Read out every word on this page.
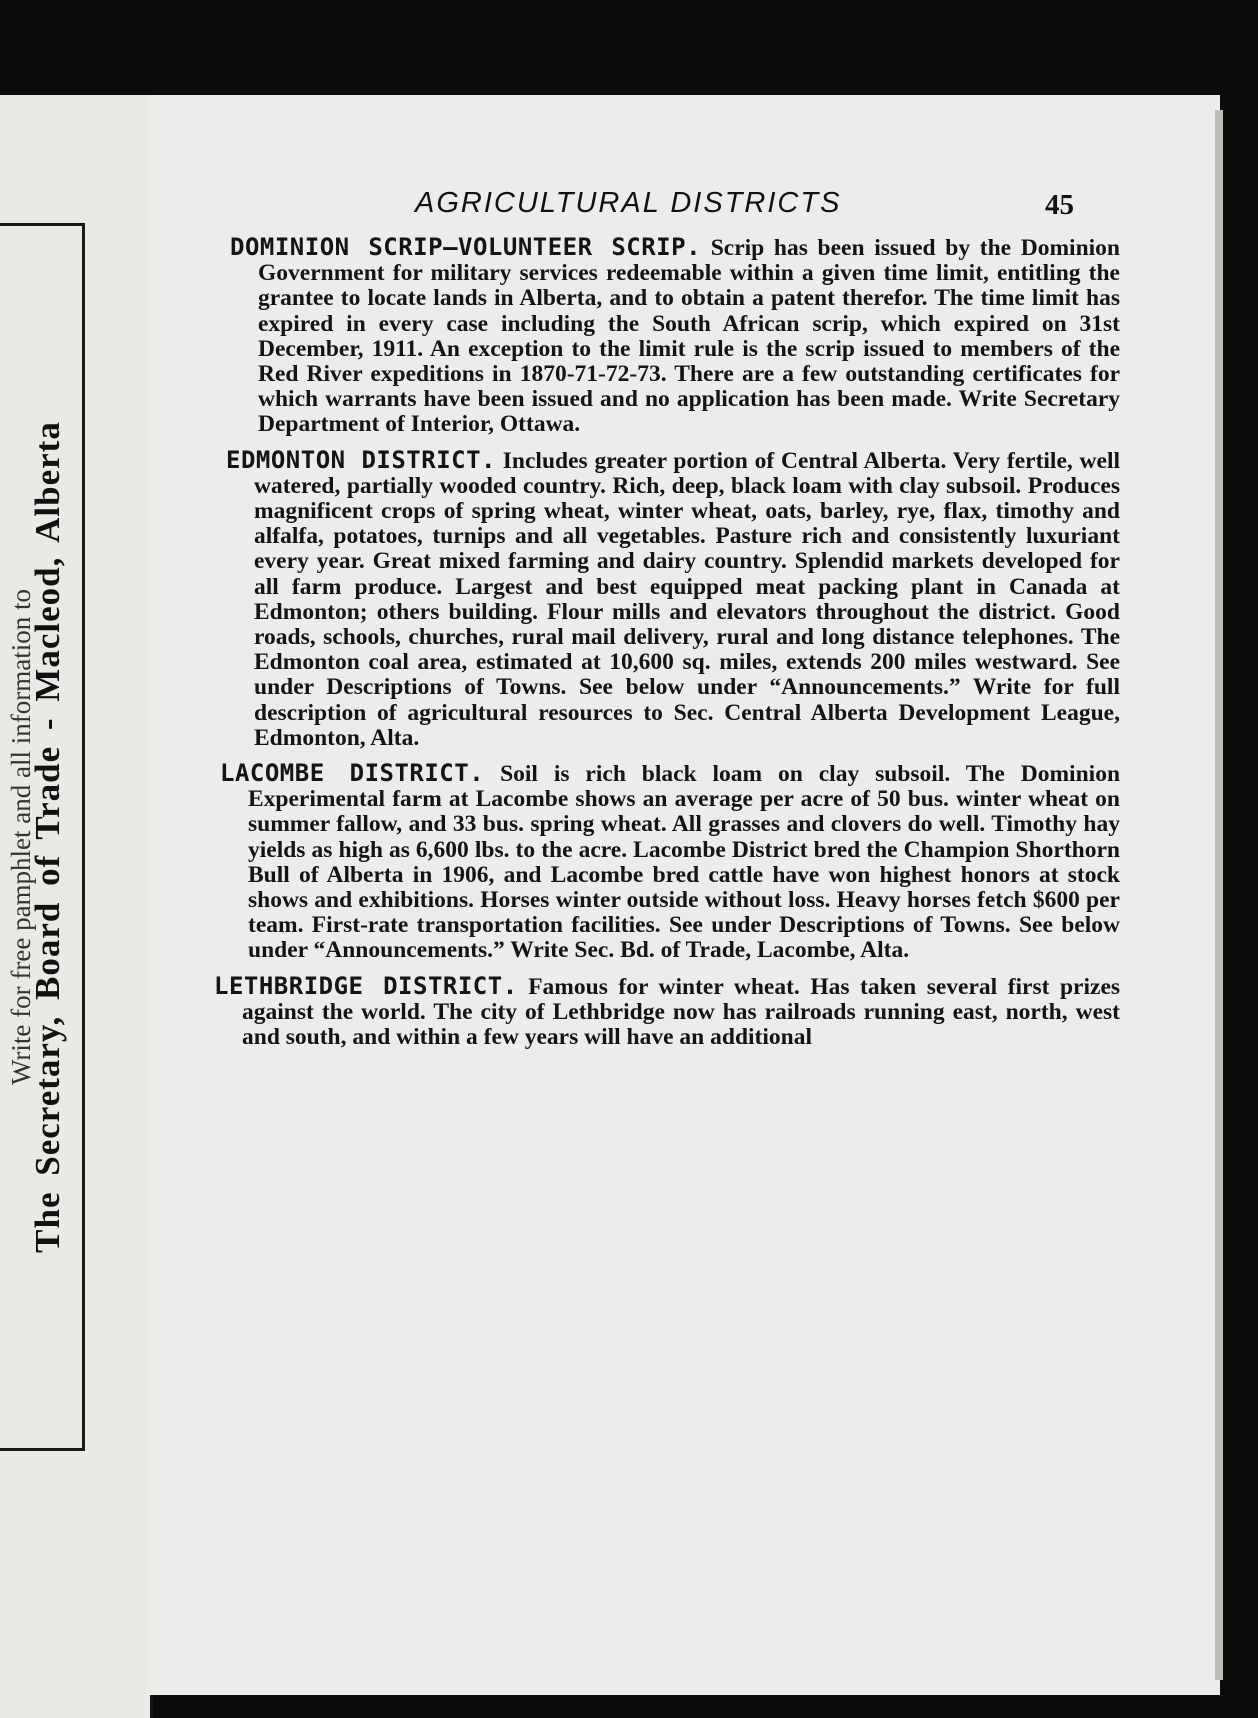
Write for free pamphlet and all information to
The Secretary, Board of Trade - Macleod, Alberta
AGRICULTURAL DISTRICTS	45

DOMINION SCRIP—VOLUNTEER SCRIP. Scrip has been issued by the Dominion Government for military services redeemable within a given time limit, entitling the grantee to locate lands in Alberta, and to obtain a patent therefor. The time limit has expired in every case including the South African scrip, which expired on 31st December, 1911. An exception to the limit rule is the scrip issued to members of the Red River expeditions in 1870-71-72-73. There are a few outstanding certificates for which warrants have been issued and no application has been made. Write Secretary Department of Interior, Ottawa.

EDMONTON DISTRICT. Includes greater portion of Central Alberta. Very fertile, well watered, partially wooded country. Rich, deep, black loam with clay subsoil. Produces magnificent crops of spring wheat, winter wheat, oats, barley, rye, flax, timothy and alfalfa, potatoes, turnips and all vegetables. Pasture rich and consistently luxuriant every year. Great mixed farming and dairy country. Splendid markets developed for all farm produce. Largest and best equipped meat packing plant in Canada at Edmonton; others building. Flour mills and elevators throughout the district. Good roads, schools, churches, rural mail delivery, rural and long distance telephones. The Edmonton coal area, estimated at 10,600 sq. miles, extends 200 miles westward. See under Descriptions of Towns. See below under “Announcements.” Write for full description of agricultural resources to Sec. Central Alberta Development League, Edmonton, Alta.

LACOMBE DISTRICT. Soil is rich black loam on clay subsoil. The Dominion Experimental farm at Lacombe shows an average per acre of 50 bus. winter wheat on summer fallow, and 33 bus. spring wheat. All grasses and clovers do well. Timothy hay yields as high as 6,600 lbs. to the acre. Lacombe District bred the Champion Shorthorn Bull of Alberta in 1906, and Lacombe bred cattle have won highest honors at stock shows and exhibitions. Horses winter outside without loss. Heavy horses fetch $600 per team. First-rate transportation facilities. See under Descriptions of Towns. See below under “Announcements.” Write Sec. Bd. of Trade, Lacombe, Alta.

LETHBRIDGE DISTRICT. Famous for winter wheat. Has taken several first prizes against the world. The city of Lethbridge now has railroads running east, north, west and south, and within a few years will have an additional
